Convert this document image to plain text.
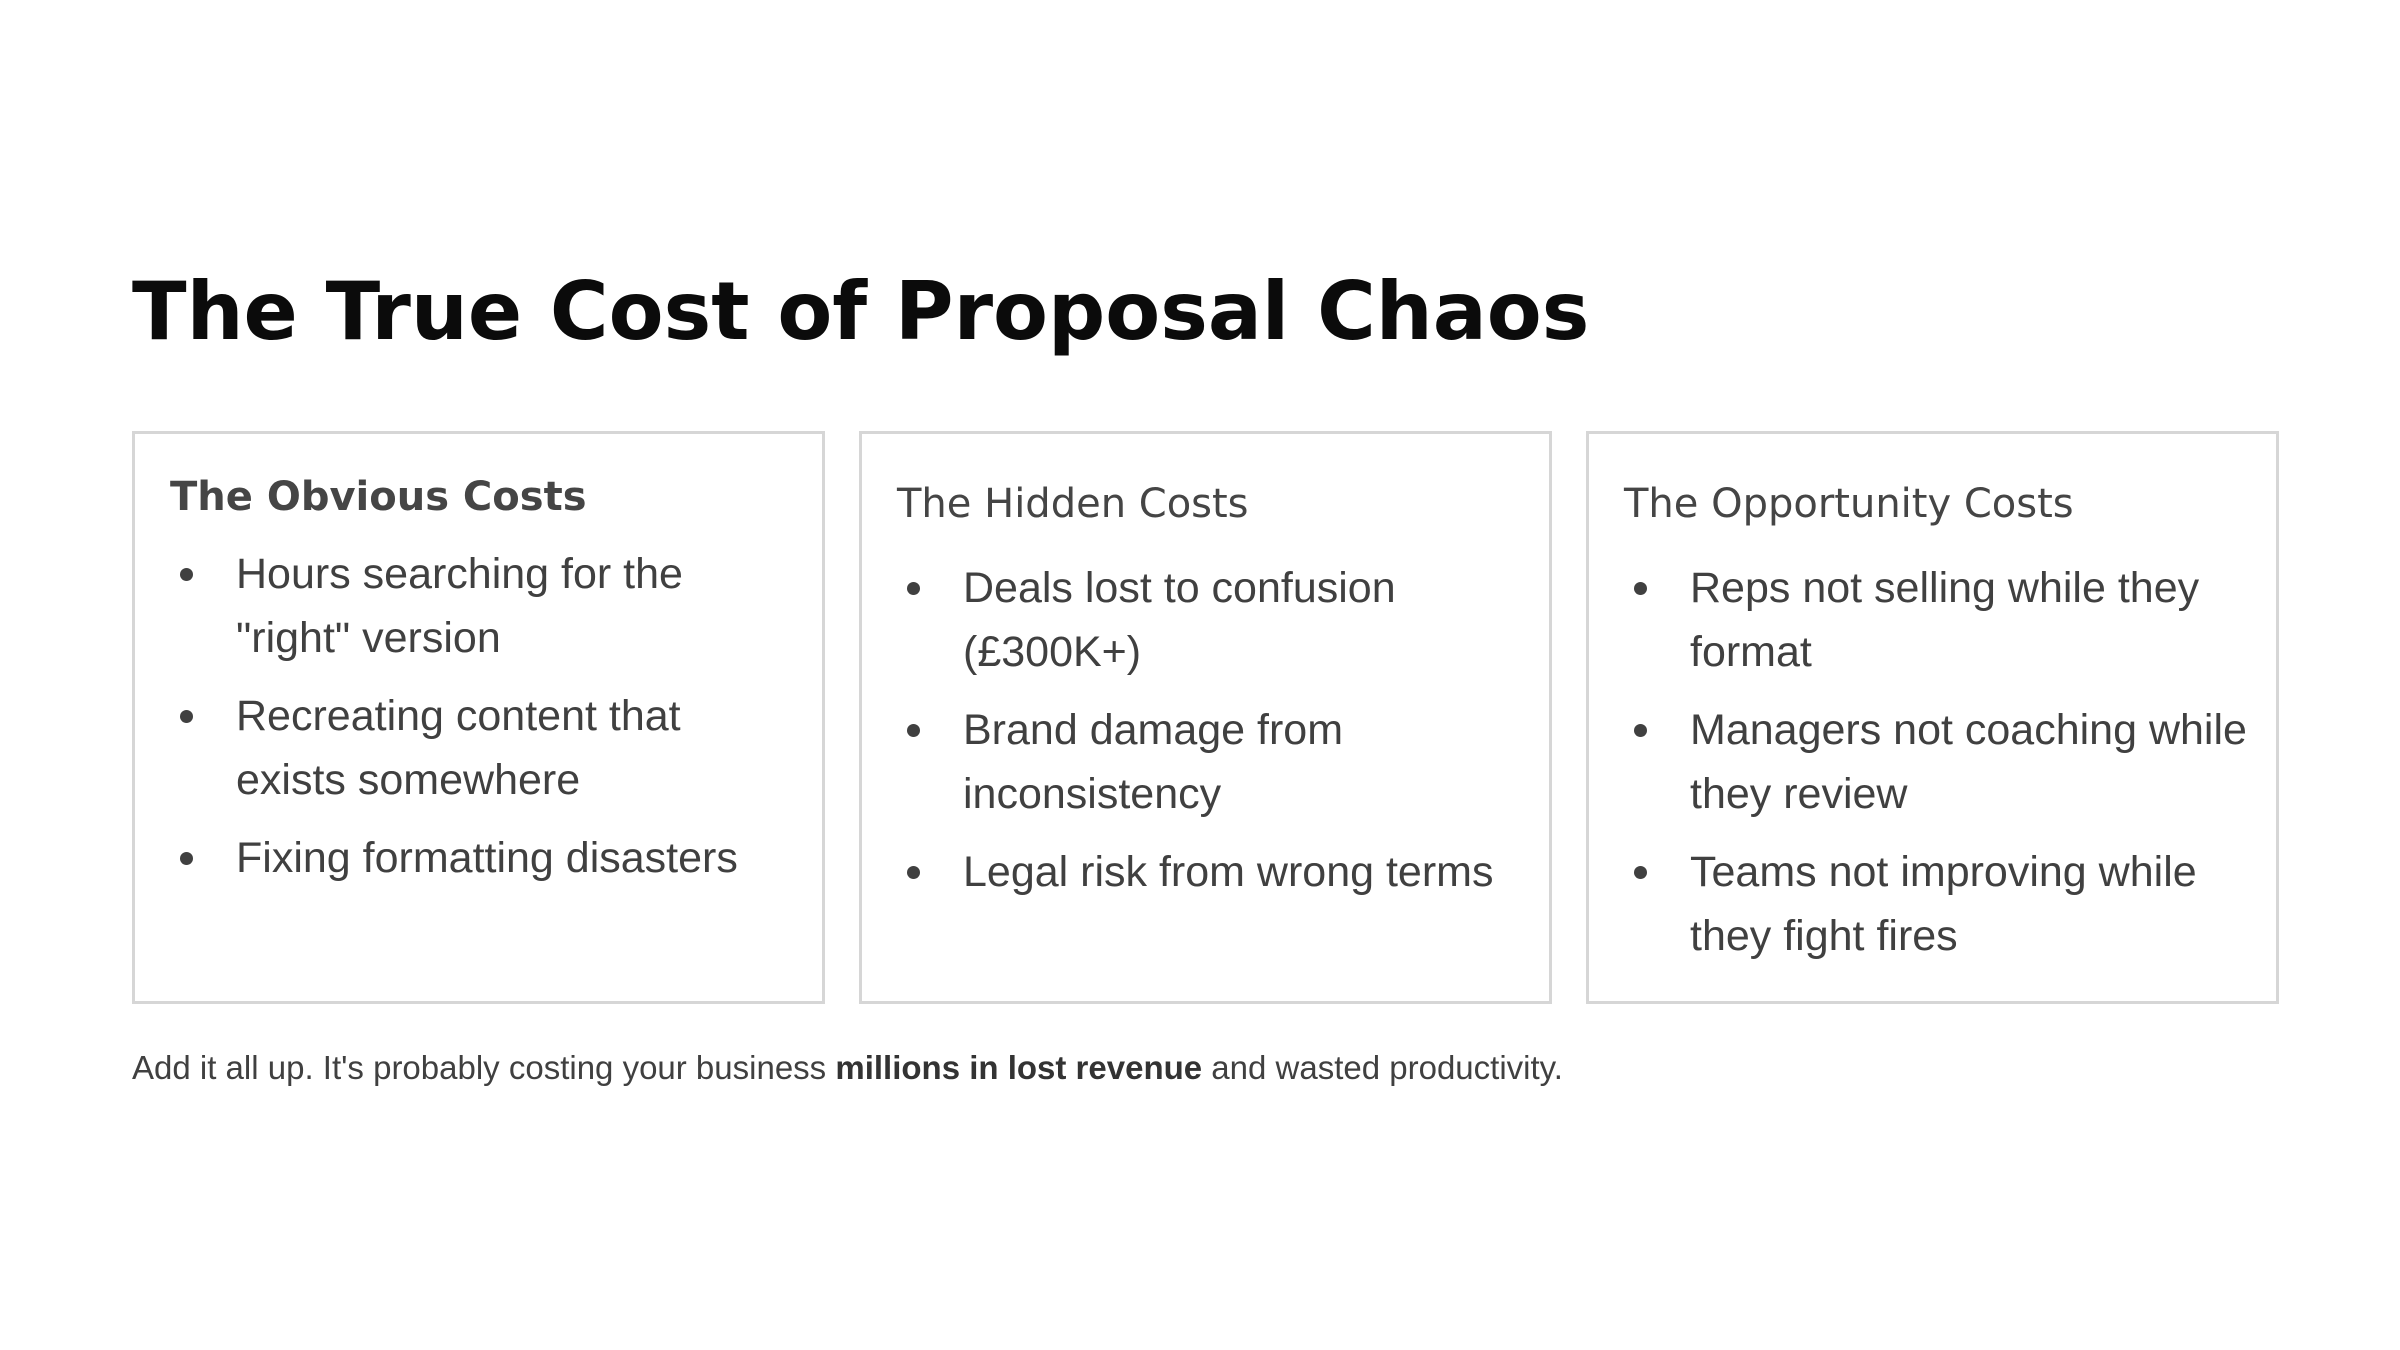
The True Cost of Proposal Chaos
The Obvious Costs
Hours searching for the "right" version
Recreating content that exists somewhere
Fixing formatting disasters
The Hidden Costs
Deals lost to confusion (£300K+)
Brand damage from inconsistency
Legal risk from wrong terms
The Opportunity Costs
Reps not selling while they format
Managers not coaching while they review
Teams not improving while they fight fires

Add it all up. It's probably costing your business millions in lost revenue and wasted productivity.
